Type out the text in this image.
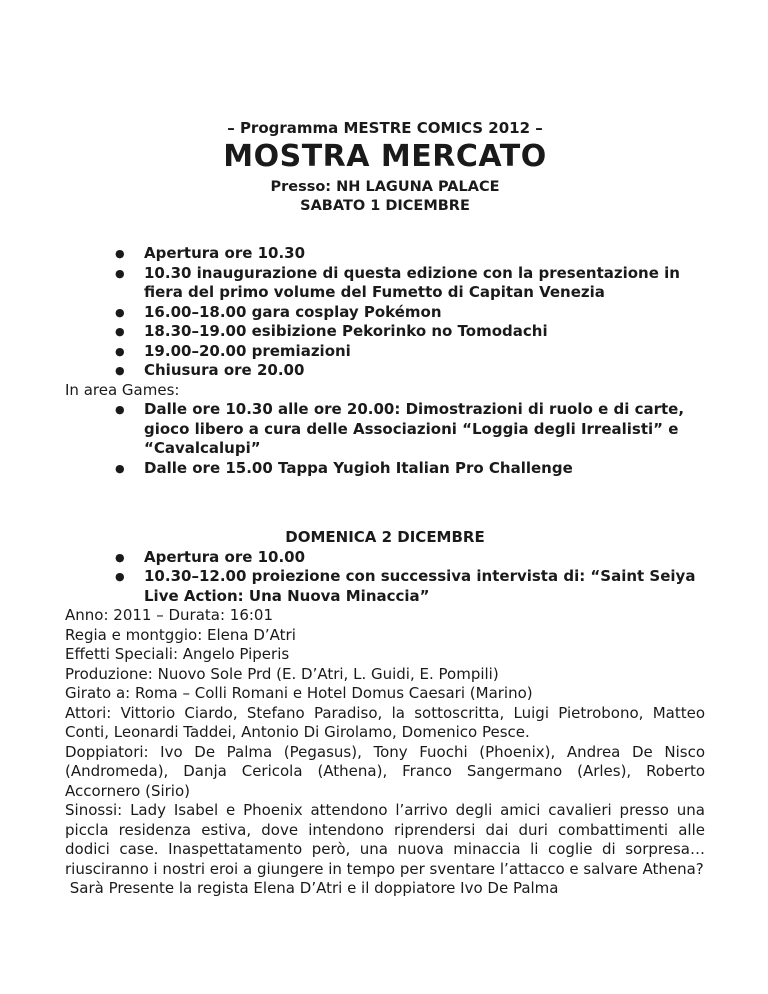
– Programma MESTRE COMICS 2012 –
MOSTRA MERCATO
Presso: NH LAGUNA PALACE
SABATO 1 DICEMBRE
● Apertura ore 10.30
● 10.30 inaugurazione di questa edizione con la presentazione in fiera del primo volume del Fumetto di Capitan Venezia
● 16.00–18.00 gara cosplay Pokémon
● 18.30–19.00 esibizione Pekorinko no Tomodachi
● 19.00–20.00 premiazioni
● Chiusura ore 20.00
In area Games:
● Dalle ore 10.30 alle ore 20.00: Dimostrazioni di ruolo e di carte, gioco libero a cura delle Associazioni “Loggia degli Irrealisti” e “Cavalcalupi”
● Dalle ore 15.00 Tappa Yugioh Italian Pro Challenge
DOMENICA 2 DICEMBRE
● Apertura ore 10.00
● 10.30–12.00 proiezione con successiva intervista di: “Saint Seiya Live Action: Una Nuova Minaccia”
Anno: 2011 – Durata: 16:01
Regia e montggio: Elena D’Atri
Effetti Speciali: Angelo Piperis
Produzione: Nuovo Sole Prd (E. D’Atri, L. Guidi, E. Pompili)
Girato a: Roma – Colli Romani e Hotel Domus Caesari (Marino)
Attori: Vittorio Ciardo, Stefano Paradiso, la sottoscritta, Luigi Pietrobono, Matteo Conti, Leonardi Taddei, Antonio Di Girolamo, Domenico Pesce.
Doppiatori: Ivo De Palma (Pegasus), Tony Fuochi (Phoenix), Andrea De Nisco (Andromeda), Danja Cericola (Athena), Franco Sangermano (Arles), Roberto Accornero (Sirio)
Sinossi: Lady Isabel e Phoenix attendono l’arrivo degli amici cavalieri presso una piccla residenza estiva, dove intendono riprendersi dai duri combattimenti alle dodici case. Inaspettatamento però, una nuova minaccia li coglie di sorpresa…riusciranno i nostri eroi a giungere in tempo per sventare l’attacco e salvare Athena?
Sarà Presente la regista Elena D’Atri e il doppiatore Ivo De Palma
